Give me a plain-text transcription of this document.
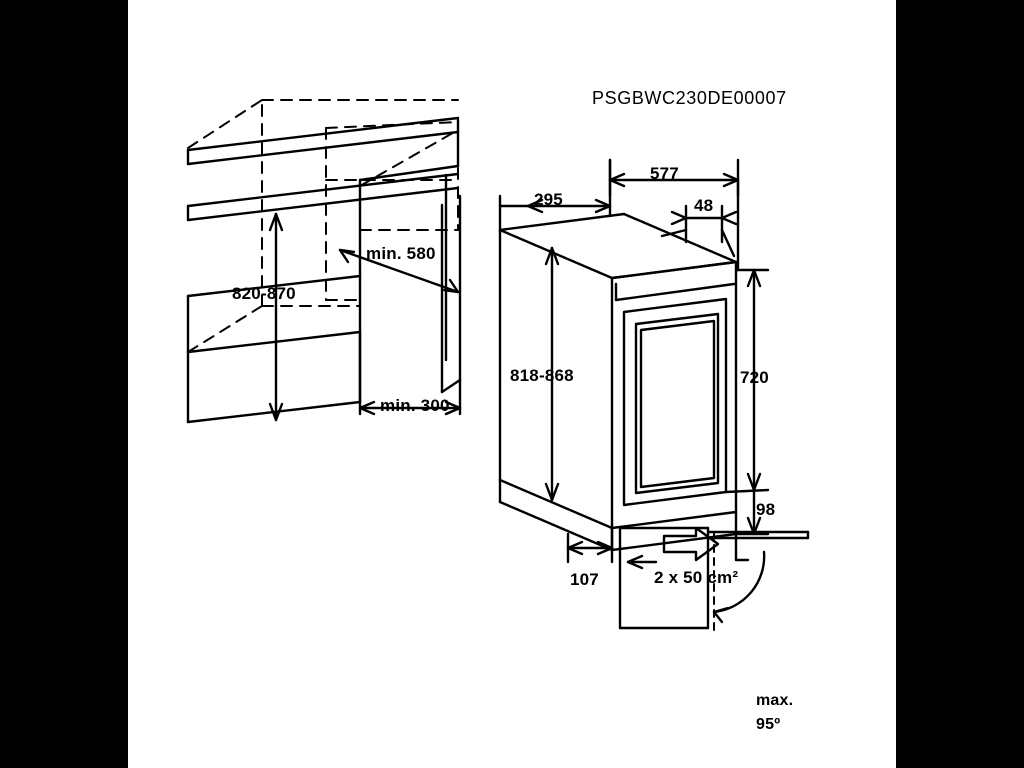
PSGBWC230DE00007
820-870
min. 580
min. 300
818-868
577
295	48
720
98
107	2 x 50 cm²
max.
95º
